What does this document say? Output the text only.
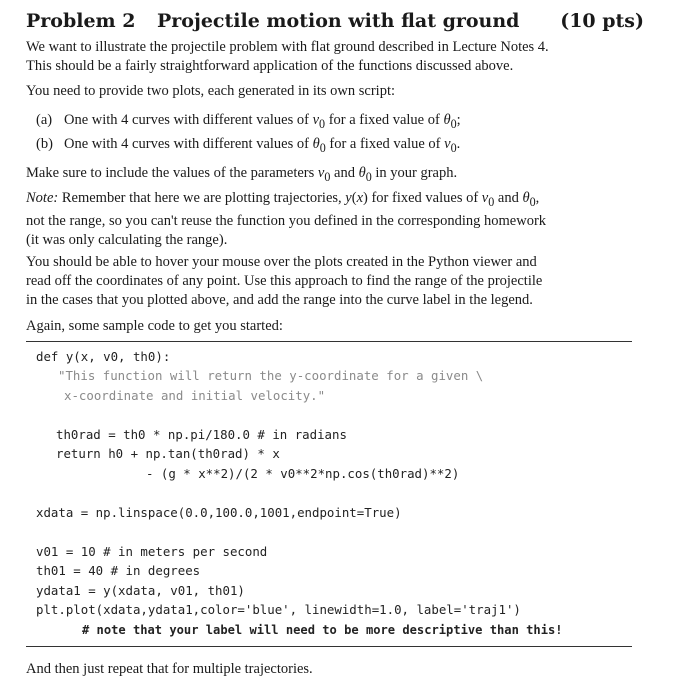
Problem 2 Projectile motion with flat ground (10 pts)
We want to illustrate the projectile problem with flat ground described in Lecture Notes 4.
This should be a fairly straightforward application of the functions discussed above.
You need to provide two plots, each generated in its own script:
(a) One with 4 curves with different values of $v_0$ for a fixed value of $\theta_0$;
(b) One with 4 curves with different values of $\theta_0$ for a fixed value of $v_0$.
Make sure to include the values of the parameters $v_0$ and $\theta_0$ in your graph.
Note: Remember that here we are plotting trajectories, y(x) for fixed values of $v_0$ and $\theta_0$,
not the range, so you can't reuse the function you defined in the corresponding homework
(it was only calculating the range).
You should be able to hover your mouse over the plots created in the Python viewer and
read off the coordinates of any point. Use this approach to find the range of the projectile
in the cases that you plotted above, and add the range into the curve label in the legend.
Again, some sample code to get you started:
def y(x, v0, th0):
"This function will return the y-coordinate for a given \
x-coordinate and initial velocity."
th0rad = th0 * np.pi/180.0 # in radians
return h0 + np.tan(th0rad) * x
- (g * x**2)/(2 * v0**2*np.cos(th0rad)**2)
xdata = np.linspace(0.0,100.0,1001,endpoint=True)
v01 = 10 # in meters per second
th01 = 40 # in degrees
ydata1 = y(xdata, v01, th01)
plt.plot(xdata,ydata1,color='blue', linewidth=1.0, label='traj1')
# note that your label will need to be more descriptive than this!
And then just repeat that for multiple trajectories.
